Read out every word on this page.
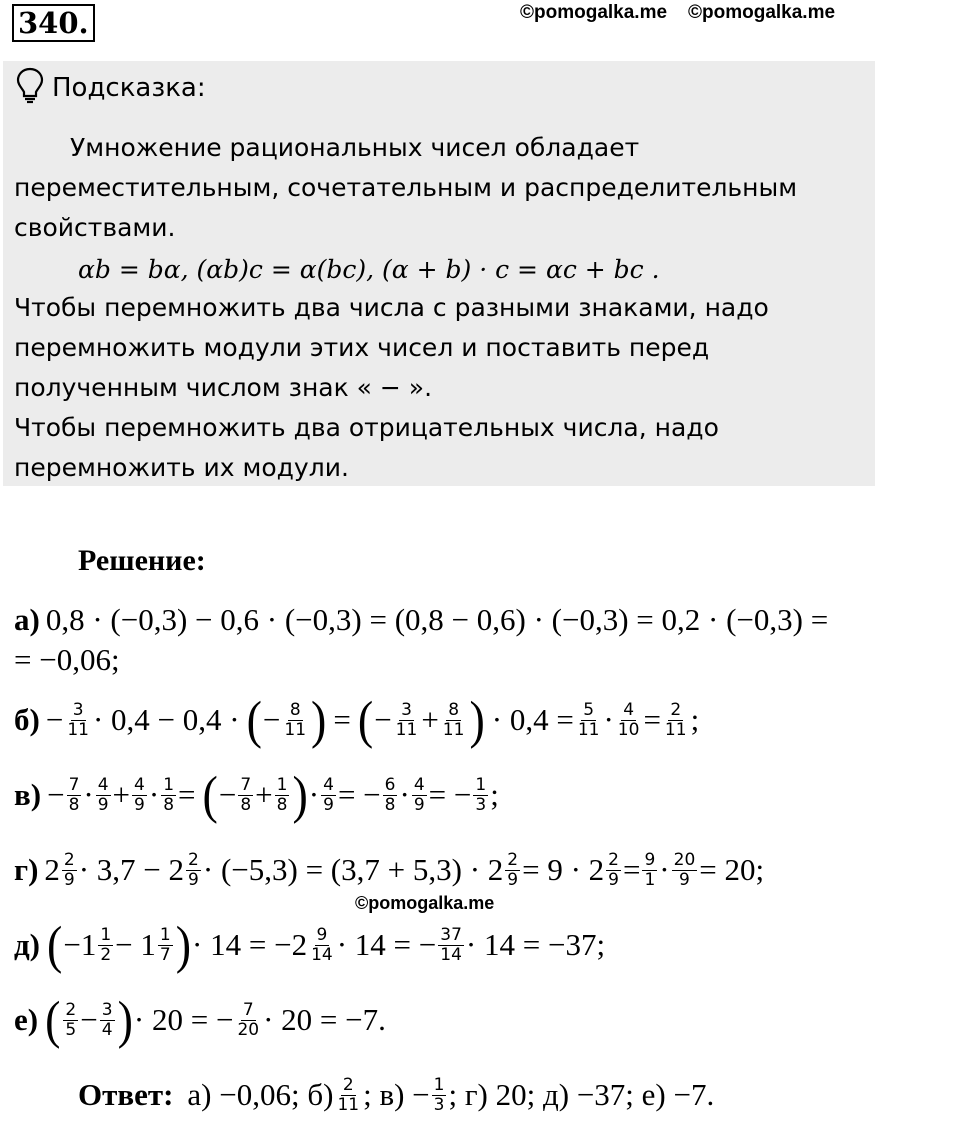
340.	©pomogalka.me ©pomogalka.me
Подсказка:
Умножение рациональных чисел обладает
переместительным, сочетательным и распределительным
свойствами.
αb = bα, (αb)c = α(bc), (α + b) · c = αc + bc .
Чтобы перемножить два числа с разными знаками, надо
перемножить модули этих чисел и поставить перед
полученным числом знак « − ».
Чтобы перемножить два отрицательных числа, надо
перемножить их модули.
Решение:
а) 0,8 · (−0,3) − 0,6 · (−0,3) = (0,8 − 0,6) · (−0,3) = 0,2 · (−0,3) =
= −0,06;
$б) - \frac{3}{11} \cdot 0,4 - 0,4$ · ( − $\frac{8}{11}$ ) = ( − $\frac{3}{11} + \frac{8}{11}$ ) · $0,4 = \frac{5}{11} \cdot \frac{4}{10} = \frac{2}{11}$ ;
$в) - \frac{7}{8} \cdot \frac{4}{9} + \frac{4}{9} \cdot \frac{1}{8}$ = ( − $\frac{7}{8} + \frac{1}{8}$ ) · $\frac{4}{9}$ = − $\frac{6}{8} \cdot \frac{4}{9}$ = − $\frac{1}{3}$ ;
г) $2 \frac{2}{9} \cdot 3,7 - 2 \frac{2}{9} \cdot (-5,3) = (3,7 + 5,3) \cdot 2 \frac{2}{9} = 9 \cdot 2 \frac{2}{9} = \frac{9}{1} \cdot \frac{20}{9} = 20$;
©pomogalka.me
д) ( $-1 \frac{1}{2} - 1 \frac{1}{7}$ ) · $14 = -2 \frac{9}{14} \cdot 14$ = − $\frac{37}{14} \cdot 14 = -37$;
е) ( $\frac{2}{5} - \frac{3}{4}$ ) · 20 = − $\frac{7}{20} \cdot 20 = -7$.
Ответ: а) −0,06; $б) \frac{2}{11}$ ; $в) - \frac{1}{3}$ ; г) 20; д) −37; е) −7.
